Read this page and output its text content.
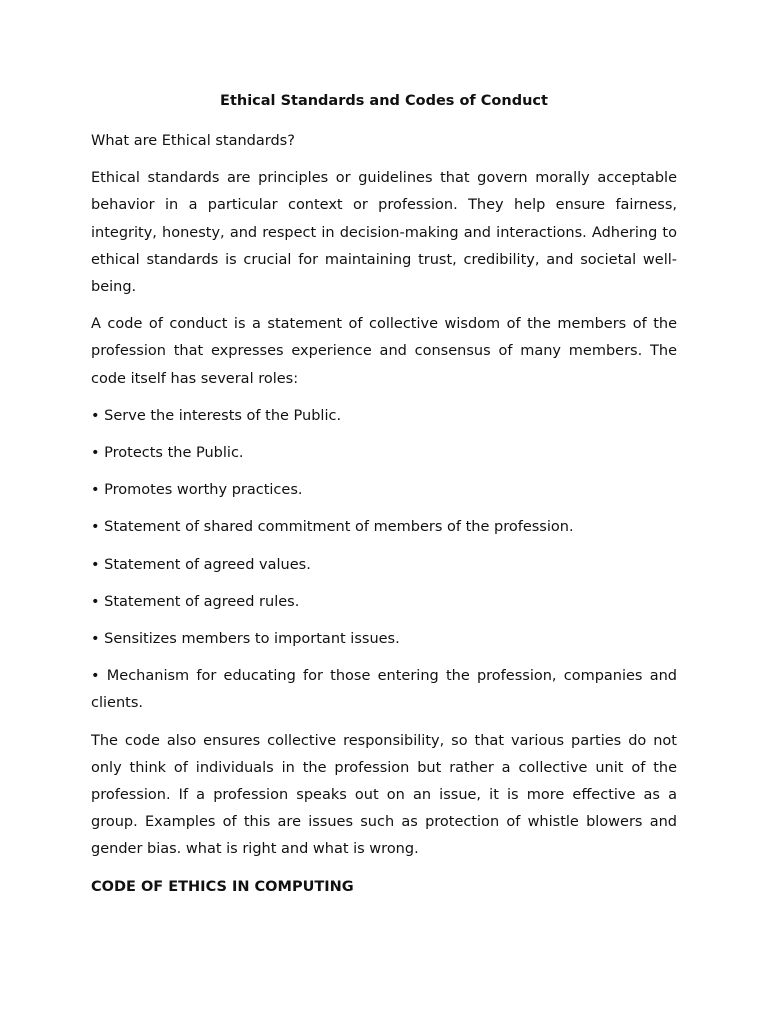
Ethical Standards and Codes of Conduct

What are Ethical standards?

Ethical standards are principles or guidelines that govern morally acceptable behavior in a particular context or profession. They help ensure fairness, integrity, honesty, and respect in decision-making and interactions. Adhering to ethical standards is crucial for maintaining trust, credibility, and societal well-being.

A code of conduct is a statement of collective wisdom of the members of the profession that expresses experience and consensus of many members. The code itself has several roles:

• Serve the interests of the Public.

• Protects the Public.

• Promotes worthy practices.

• Statement of shared commitment of members of the profession.

• Statement of agreed values.

• Statement of agreed rules.

• Sensitizes members to important issues.

• Mechanism for educating for those entering the profession, companies and clients.

The code also ensures collective responsibility, so that various parties do not only think of individuals in the profession but rather a collective unit of the profession. If a profession speaks out on an issue, it is more effective as a group. Examples of this are issues such as protection of whistle blowers and gender bias. what is right and what is wrong.

CODE OF ETHICS IN COMPUTING
